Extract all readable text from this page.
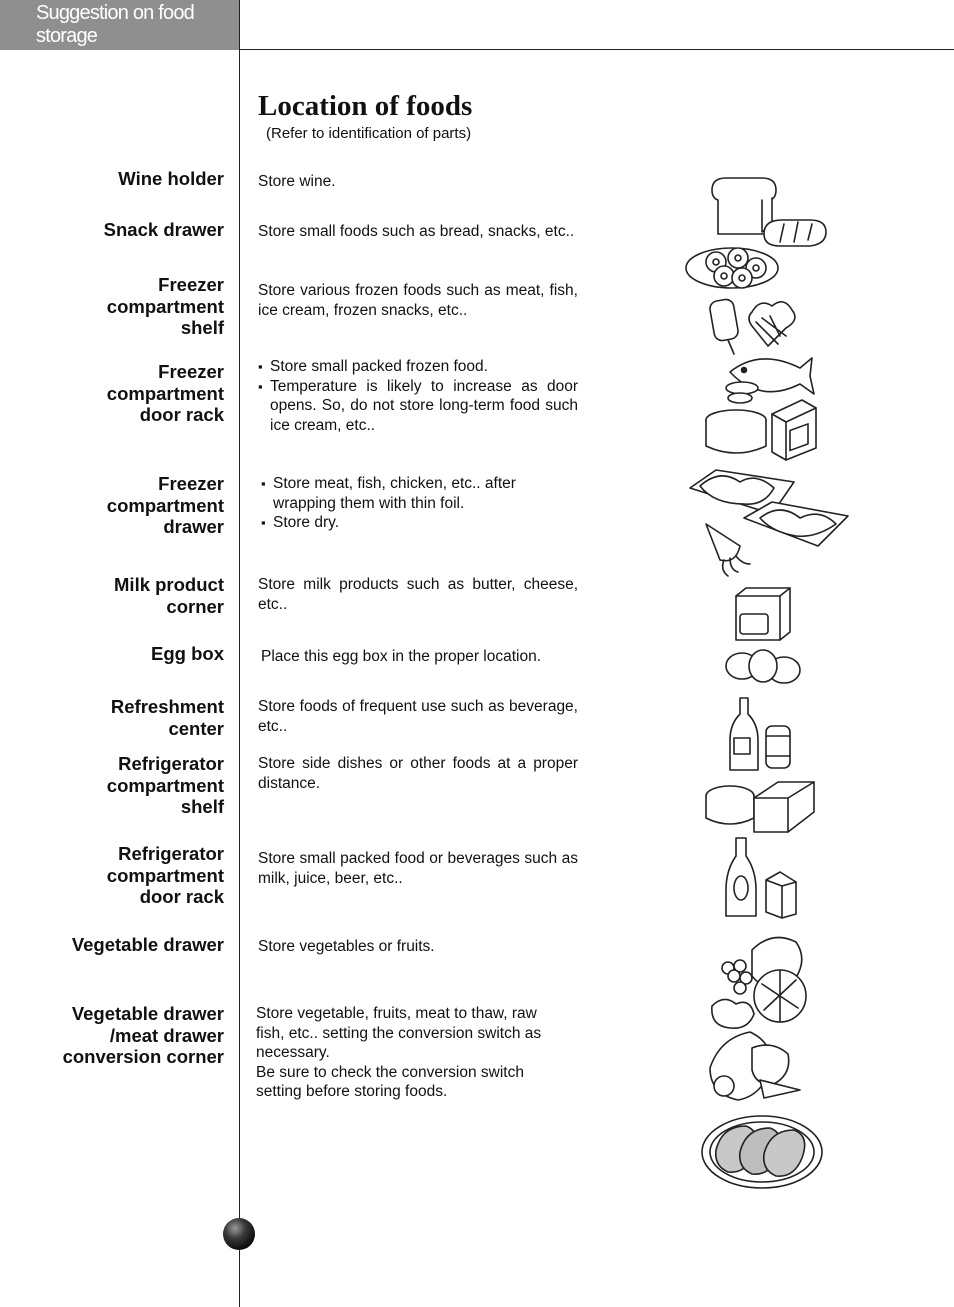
Suggestion on food storage
Location of foods
(Refer to identification of parts)
Wine holder
Snack drawer
Freezer compartment shelf
Freezer compartment door rack
Freezer compartment drawer
Milk product corner
Egg box
Refreshment center
Refrigerator compartment shelf
Refrigerator compartment door rack
Vegetable drawer
Vegetable drawer /meat drawer conversion corner
Store wine.
Store small foods such as bread, snacks, etc..
Store various frozen foods such as meat, fish, ice cream, frozen snacks, etc..
▪ Store small packed frozen food.
▪ Temperature is likely to increase as door opens. So, do not store long-term food such ice cream, etc..
▪ Store meat, fish, chicken, etc.. after wrapping them with thin foil.
▪ Store dry.
Store milk products such as butter, cheese, etc..
Place this egg box in the proper location.
Store foods of frequent use such as beverage, etc..
Store side dishes or other foods at a proper distance.
Store small packed food or beverages such as milk, juice, beer, etc..
Store vegetables or fruits.
Store vegetable, fruits, meat to thaw, raw fish, etc.. setting the conversion switch as necessary.
Be sure to check the conversion switch setting before storing foods.
